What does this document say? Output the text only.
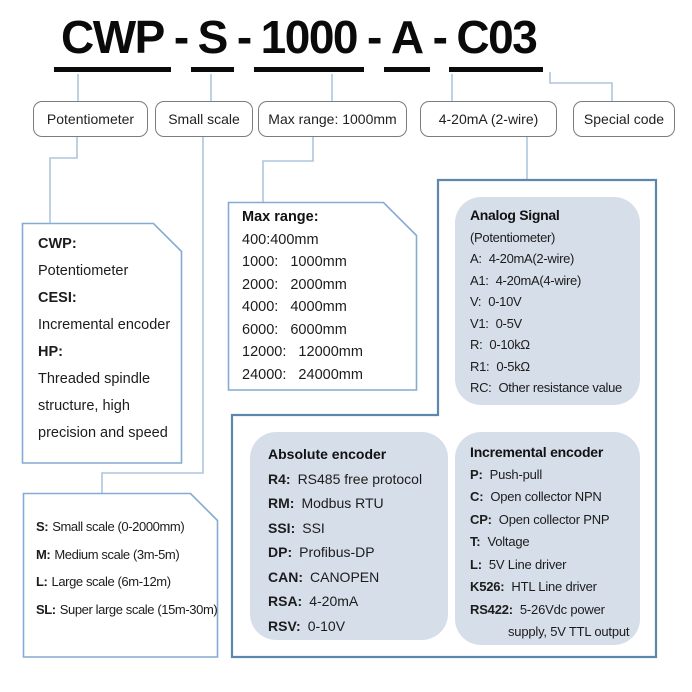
CWP - S - 1000 - A - C03
Potentiometer	Small scale	Max range: 1000mm	4-20mA (2-wire)	Special code
CWP:
Potentiometer
CESI:
Incremental encoder
HP:
Threaded spindle structure, high precision and speed
Max range:
400:400mm
1000:   1000mm
2000:   2000mm
4000:   4000mm
6000:   6000mm
12000:   12000mm
24000:   24000mm
S: Small scale (0-2000mm)
M: Medium scale (3m-5m)
L: Large scale (6m-12m)
SL: Super large scale (15m-30m)
Analog Signal
(Potentiometer)
A: 4-20mA(2-wire)
A1: 4-20mA(4-wire)
V: 0-10V
V1: 0-5V
R: 0-10kΩ
R1: 0-5kΩ
RC: Other resistance value
Absolute encoder
R4: RS485 free protocol
RM: Modbus RTU
SSI: SSI
DP: Profibus-DP
CAN: CANOPEN
RSA: 4-20mA
RSV: 0-10V
Incremental encoder
P: Push-pull
C: Open collector NPN
CP: Open collector PNP
T: Voltage
L: 5V Line driver
K526: HTL Line driver
RS422: 5-26Vdc power
supply, 5V TTL output
